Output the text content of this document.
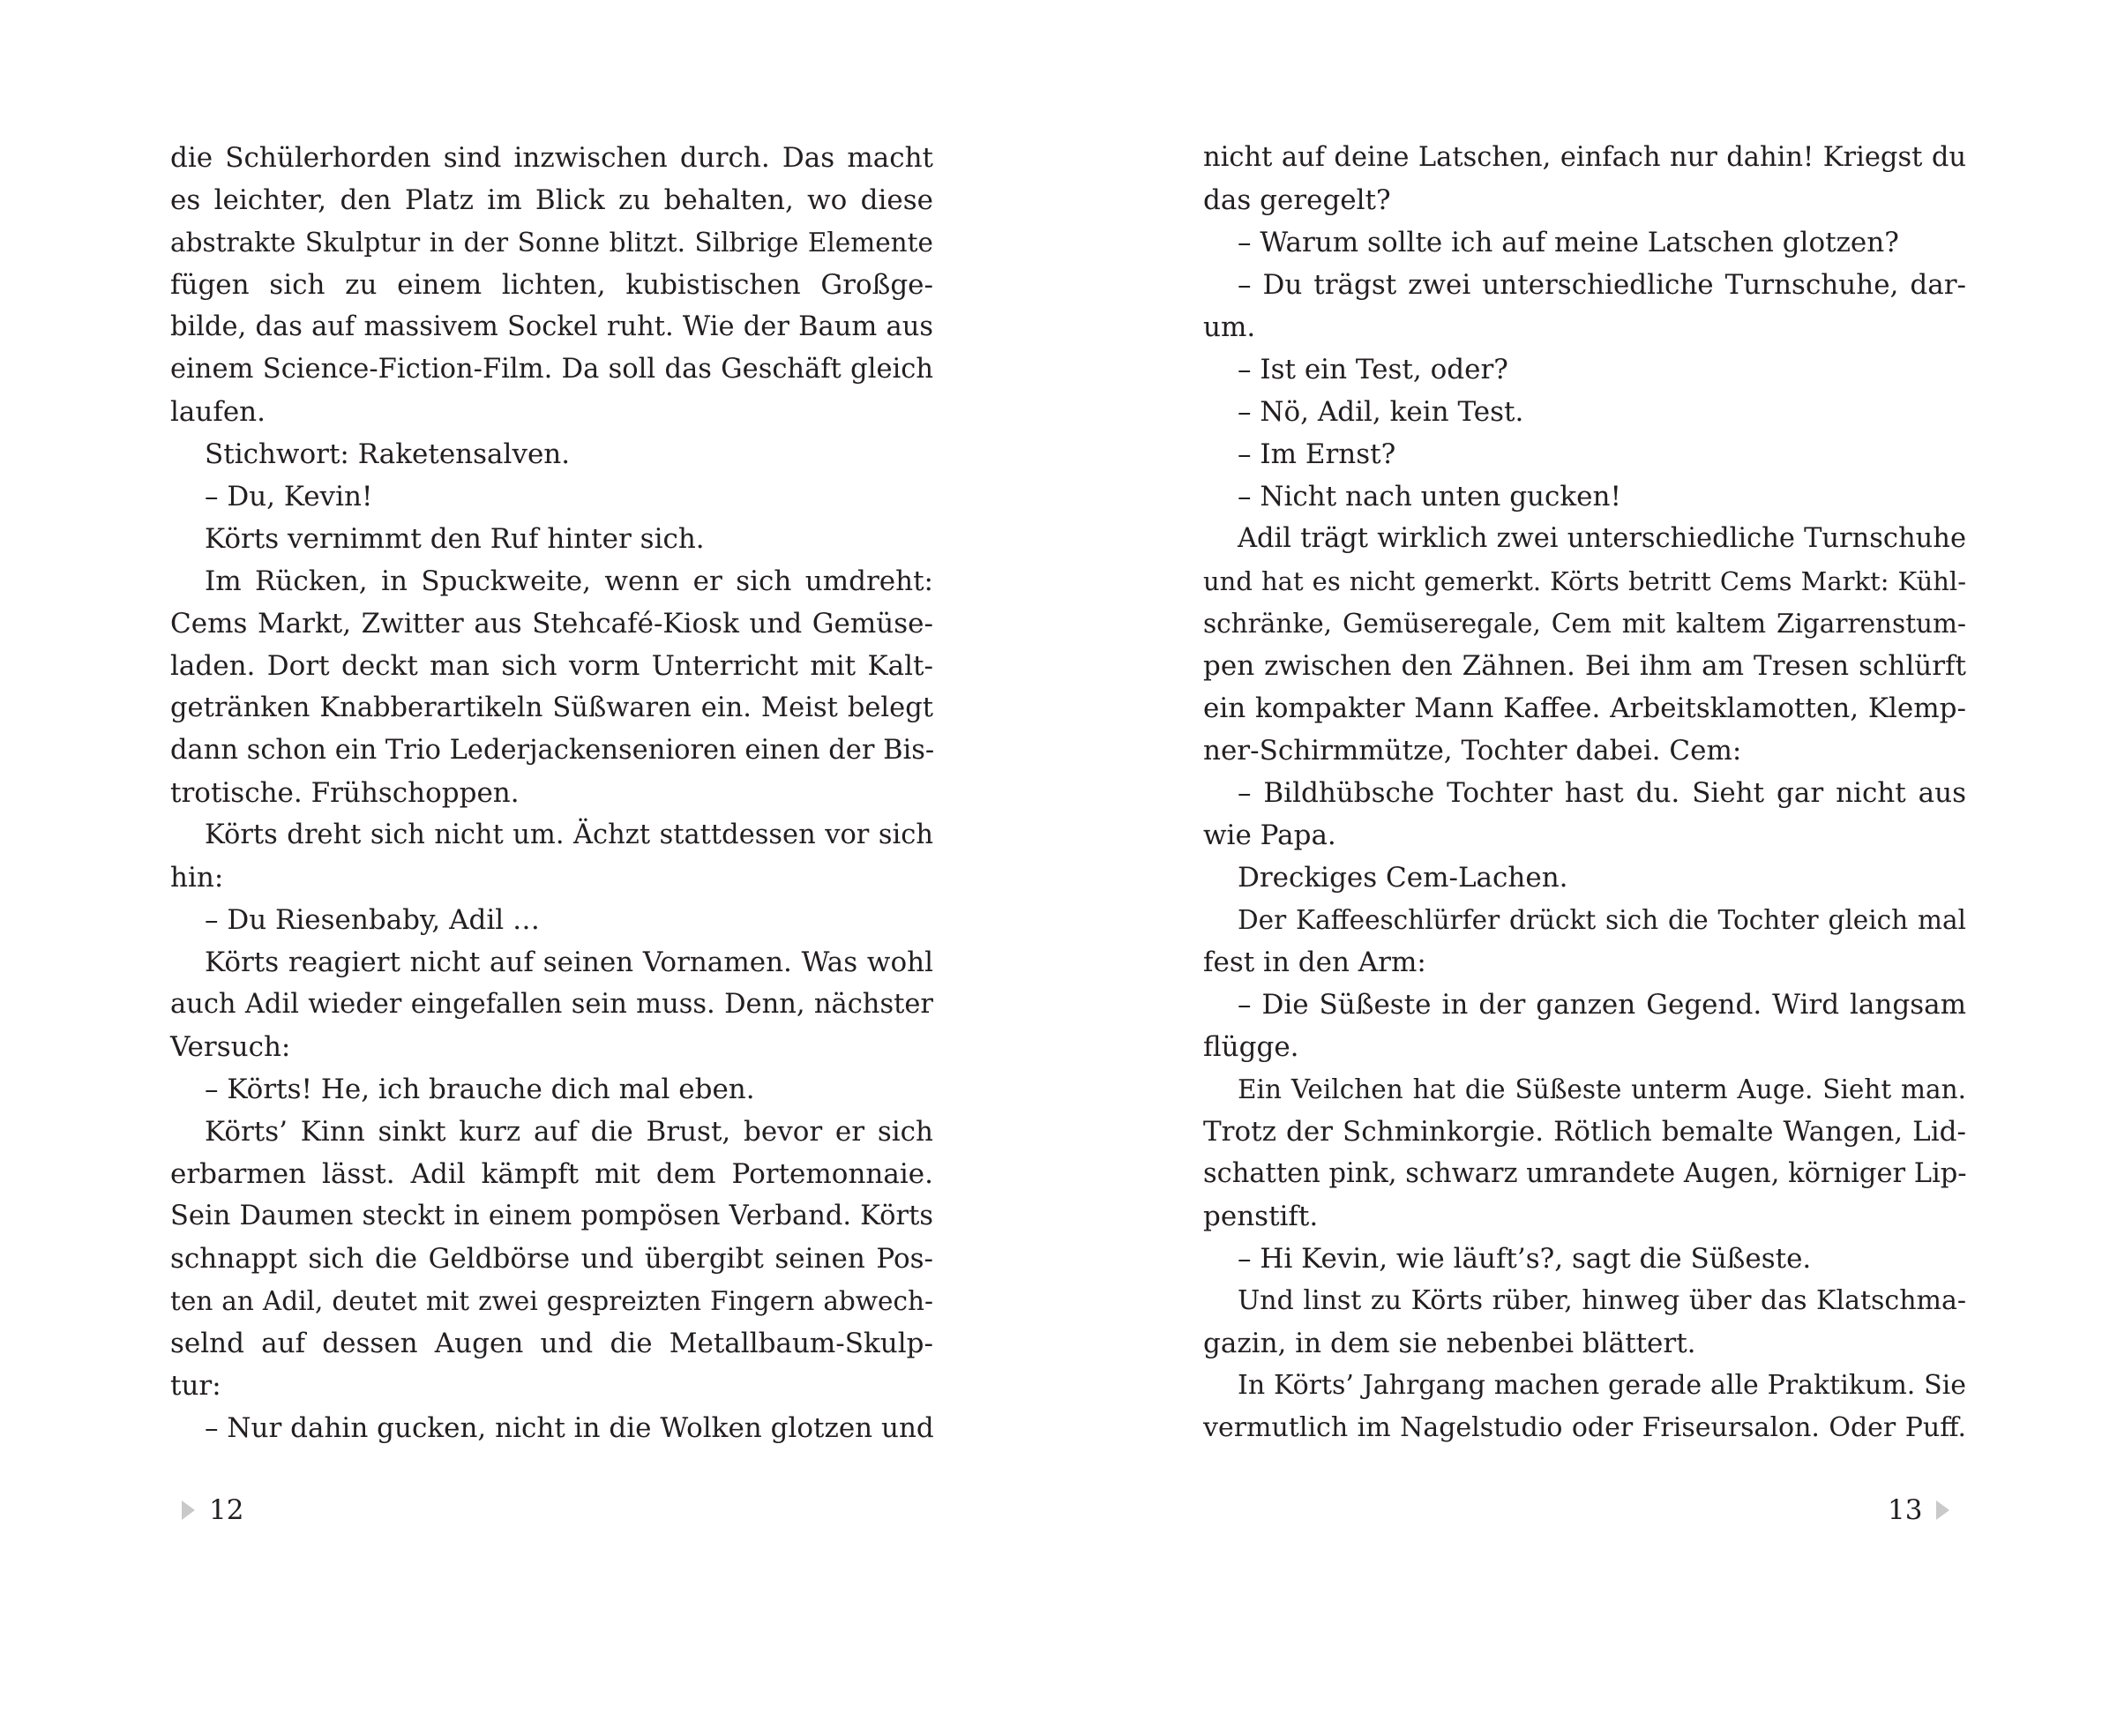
die Schülerhorden sind inzwischen durch. Das macht
es leichter, den Platz im Blick zu behalten, wo diese
abstrakte Skulptur in der Sonne blitzt. Silbrige Elemente
fügen sich zu einem lichten, kubistischen Großge-
bilde, das auf massivem Sockel ruht. Wie der Baum aus
einem Science-Fiction-Film. Da soll das Geschäft gleich
laufen.
Stichwort: Raketensalven.
– Du, Kevin!
Körts vernimmt den Ruf hinter sich.
Im Rücken, in Spuckweite, wenn er sich umdreht:
Cems Markt, Zwitter aus Stehcafé-Kiosk und Gemüse-
laden. Dort deckt man sich vorm Unterricht mit Kalt-
getränken Knabberartikeln Süßwaren ein. Meist belegt
dann schon ein Trio Lederjackensenioren einen der Bis-
trotische. Frühschoppen.
Körts dreht sich nicht um. Ächzt stattdessen vor sich
hin:
– Du Riesenbaby, Adil …
Körts reagiert nicht auf seinen Vornamen. Was wohl
auch Adil wieder eingefallen sein muss. Denn, nächster
Versuch:
– Körts! He, ich brauche dich mal eben.
Körts’ Kinn sinkt kurz auf die Brust, bevor er sich
erbarmen lässt. Adil kämpft mit dem Portemonnaie.
Sein Daumen steckt in einem pompösen Verband. Körts
schnappt sich die Geldbörse und übergibt seinen Pos-
ten an Adil, deutet mit zwei gespreizten Fingern abwech-
selnd auf dessen Augen und die Metallbaum-Skulp-
tur:
– Nur dahin gucken, nicht in die Wolken glotzen und
nicht auf deine Latschen, einfach nur dahin! Kriegst du
das geregelt?
– Warum sollte ich auf meine Latschen glotzen?
– Du trägst zwei unterschiedliche Turnschuhe, dar-
um.
– Ist ein Test, oder?
– Nö, Adil, kein Test.
– Im Ernst?
– Nicht nach unten gucken!
Adil trägt wirklich zwei unterschiedliche Turnschuhe
und hat es nicht gemerkt. Körts betritt Cems Markt: Kühl-
schränke, Gemüseregale, Cem mit kaltem Zigarrenstum-
pen zwischen den Zähnen. Bei ihm am Tresen schlürft
ein kompakter Mann Kaffee. Arbeitsklamotten, Klemp-
ner-Schirmmütze, Tochter dabei. Cem:
– Bildhübsche Tochter hast du. Sieht gar nicht aus
wie Papa.
Dreckiges Cem-Lachen.
Der Kaffeeschlürfer drückt sich die Tochter gleich mal
fest in den Arm:
– Die Süßeste in der ganzen Gegend. Wird langsam
flügge.
Ein Veilchen hat die Süßeste unterm Auge. Sieht man.
Trotz der Schminkorgie. Rötlich bemalte Wangen, Lid-
schatten pink, schwarz umrandete Augen, körniger Lip-
penstift.
– Hi Kevin, wie läuft’s?, sagt die Süßeste.
Und linst zu Körts rüber, hinweg über das Klatschma-
gazin, in dem sie nebenbei blättert.
In Körts’ Jahrgang machen gerade alle Praktikum. Sie
vermutlich im Nagelstudio oder Friseursalon. Oder Puff.
12	13
